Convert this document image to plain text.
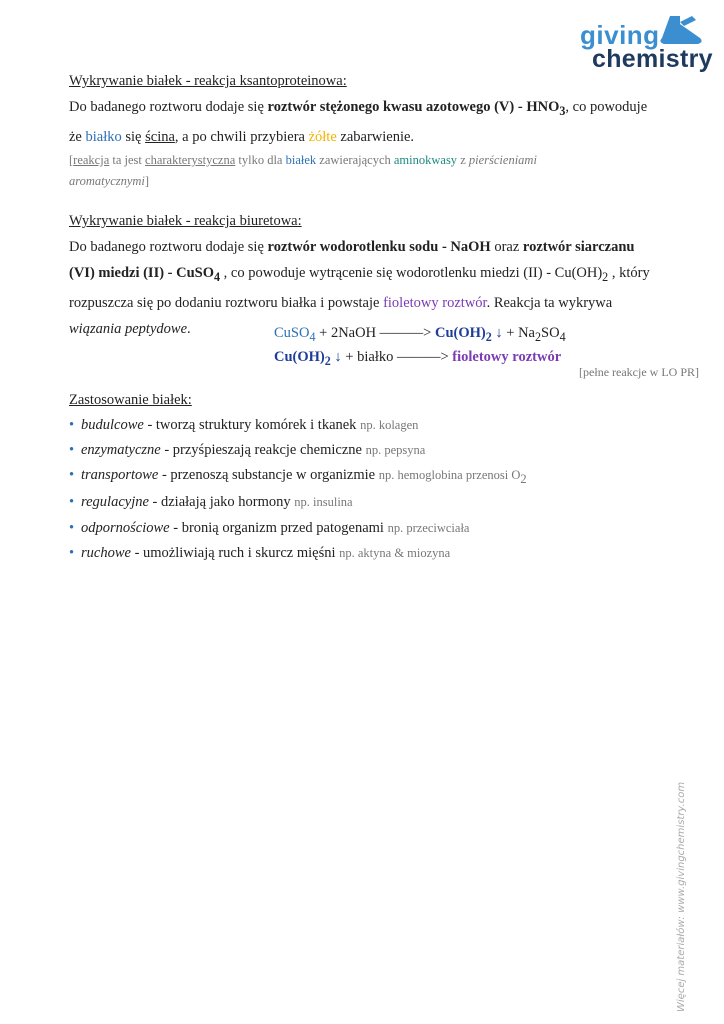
giving
chemistry
Wykrywanie białek - reakcja ksantoproteinowa:
Do badanego roztworu dodaje się roztwór stężonego kwasu azotowego $(V) - HNO_3$, co powoduje
że białko się ścina, a po chwili przybiera żółte zabarwienie.
[reakcja ta jest charakterystyczna tylko dla białek zawierających aminokwasy z pierścieniami
aromatycznymi]
Wykrywanie białek - reakcja biuretowa:
Do badanego roztworu dodaje się roztwór wodorotlenku sodu - NaOH oraz roztwór siarczanu
(VI) miedzi (II) - CuSO$_4$ , co powoduje wytrącenie się wodorotlenku miedzi $(II) - Cu(OH)_2$ , który
rozpuszcza się po dodaniu roztworu białka i powstaje fioletowy roztwór. Reakcja ta wykrywa
wiązania peptydowe.	CuSO$_4$ + 2NaOH ———> $Cu(OH)_2$ ↓ + $Na_2SO_4$
$Cu(OH)_2$ ↓ + białko ———> fioletowy roztwór
[pełne reakcje w LO PR]
Zastosowanie białek:
• budulcowe - tworzą struktury komórek i tkanek np. kolagen
• enzymatyczne - przyśpieszają reakcje chemiczne np. pepsyna
• transportowe - przenoszą substancje w organizmie np. hemoglobina przenosi $O_2$
• regulacyjne - działają jako hormony np. insulina
• odpornościowe - bronią organizm przed patogenami np. przeciwciała
• ruchowe - umożliwiają ruch i skurcz mięśni np. aktyna & miozyna
Więcej materiałów: www.givingchemistry.com
